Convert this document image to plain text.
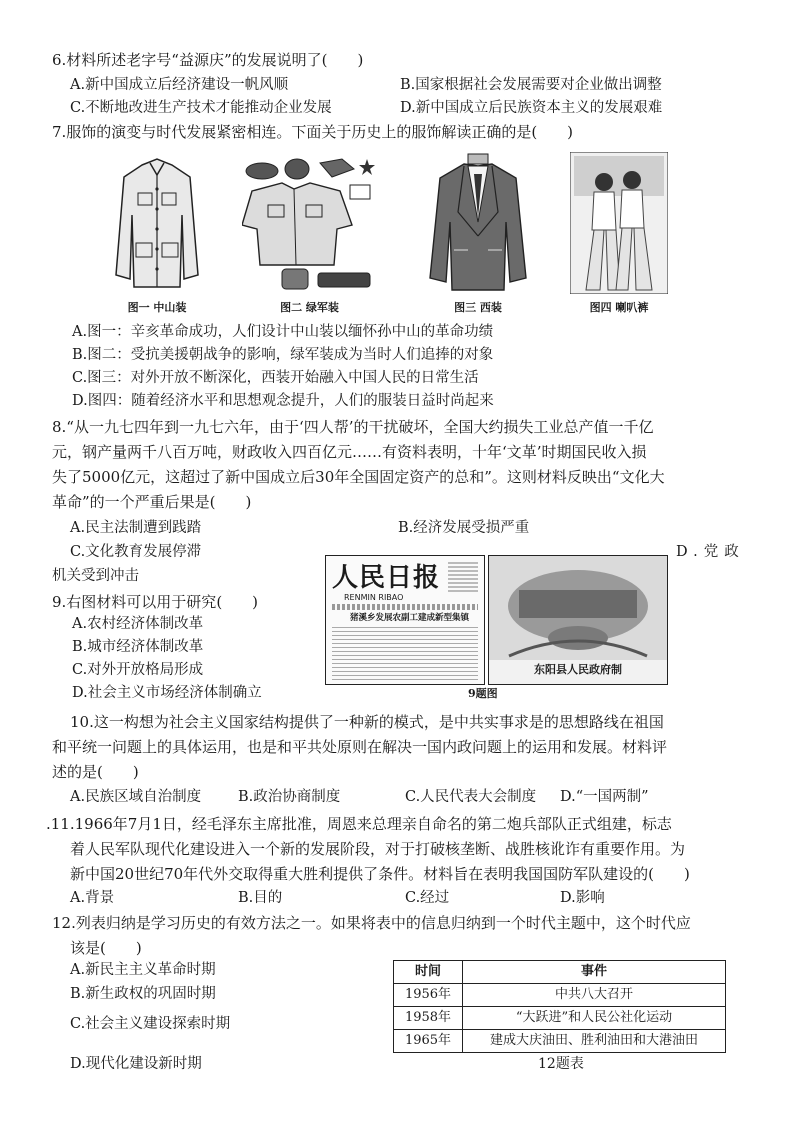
6.材料所述老字号“益源庆”的发展说明了(　　)
A.新中国成立后经济建设一帆风顺	B.国家根据社会发展需要对企业做出调整
C.不断地改进生产技术才能推动企业发展	D.新中国成立后民族资本主义的发展艰难
7.服饰的演变与时代发展紧密相连。下面关于历史上的服饰解读正确的是(　　)
图一 中山装	图二 绿军装	图三 西装	图四 喇叭裤
A.图一：辛亥革命成功，人们设计中山装以缅怀孙中山的革命功绩
B.图二：受抗美援朝战争的影响，绿军装成为当时人们追捧的对象
C.图三：对外开放不断深化，西装开始融入中国人民的日常生活
D.图四：随着经济水平和思想观念提升，人们的服装日益时尚起来
8.“从一九七四年到一九七六年，由于‘四人帮’的干扰破坏，全国大约损失工业总产值一千亿
元，钢产量两千八百万吨，财政收入四百亿元……有资料表明，十年‘文革’时期国民收入损
失了5000亿元，这超过了新中国成立后30年全国固定资产的总和”。这则材料反映出“文化大
革命”的一个严重后果是(　　)
A.民主法制遭到践踏	B.经济发展受损严重
C.文化教育发展停滞	D.党政
机关受到冲击
9.右图材料可以用于研究(　　)
A.农村经济体制改革
B.城市经济体制改革
C.对外开放格局形成
D.社会主义市场经济体制确立
人民日报
RENMIN RIBAO
猪溪乡发展农副工建成新型集镇
东阳县人民政府制
9题图
10.这一构想为社会主义国家结构提供了一种新的模式，是中共实事求是的思想路线在祖国
和平统一问题上的具体运用，也是和平共处原则在解决一国内政问题上的运用和发展。材料评
述的是(　　)
A.民族区域自治制度	B.政治协商制度	C.人民代表大会制度 D.“一国两制”
.11.1966年7月1日，经毛泽东主席批准，周恩来总理亲自命名的第二炮兵部队正式组建，标志
着人民军队现代化建设进入一个新的发展阶段，对于打破核垄断、战胜核讹诈有重要作用。为
新中国20世纪70年代外交取得重大胜利提供了条件。材料旨在表明我国国防军队建设的(　　)
A.背景	B.目的	C.经过	D.影响
12.列表归纳是学习历史的有效方法之一。如果将表中的信息归纳到一个时代主题中，这个时代应
该是(　　)
A.新民主主义革命时期
B.新生政权的巩固时期
C.社会主义建设探索时期
D.现代化建设新时期
时间	事件
1956年	中共八大召开
1958年	“大跃进”和人民公社化运动
1965年	建成大庆油田、胜利油田和大港油田
12题表
